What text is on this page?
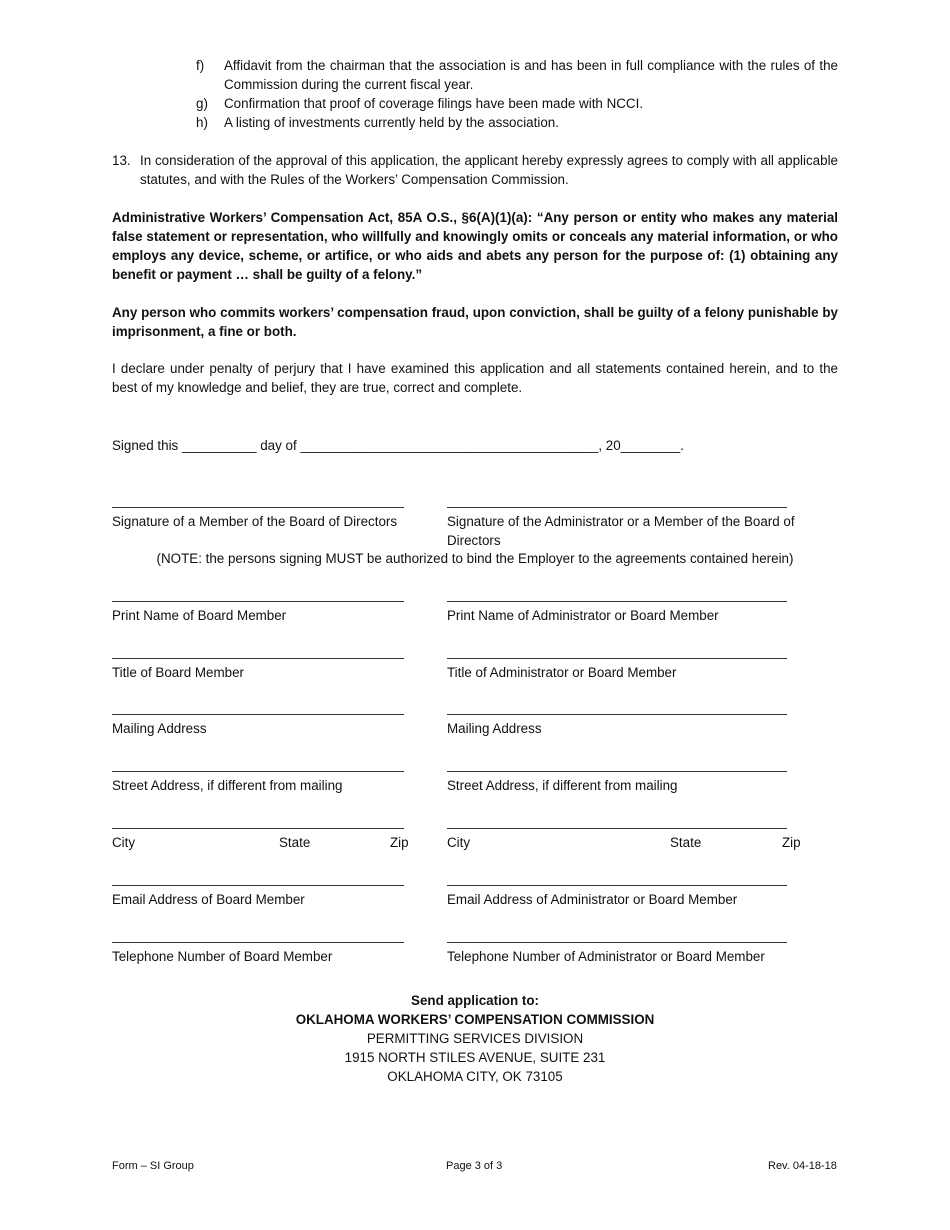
f) Affidavit from the chairman that the association is and has been in full compliance with the rules of the Commission during the current fiscal year.
g) Confirmation that proof of coverage filings have been made with NCCI.
h) A listing of investments currently held by the association.
13. In consideration of the approval of this application, the applicant hereby expressly agrees to comply with all applicable statutes, and with the Rules of the Workers’ Compensation Commission.
Administrative Workers’ Compensation Act, 85A O.S., §6(A)(1)(a): “Any person or entity who makes any material false statement or representation, who willfully and knowingly omits or conceals any material information, or who employs any device, scheme, or artifice, or who aids and abets any person for the purpose of: (1) obtaining any benefit or payment … shall be guilty of a felony.”
Any person who commits workers’ compensation fraud, upon conviction, shall be guilty of a felony punishable by imprisonment, a fine or both.
I declare under penalty of perjury that I have examined this application and all statements contained herein, and to the best of my knowledge and belief, they are true, correct and complete.
Signed this __________ day of ________________________________________, 20________.
Signature of a Member of the Board of Directors	Signature of the Administrator or a Member of the Board of Directors
(NOTE: the persons signing MUST be authorized to bind the Employer to the agreements contained herein)
Print Name of Board Member	Print Name of Administrator or Board Member
Title of Board Member	Title of Administrator or Board Member
Mailing Address	Mailing Address
Street Address, if different from mailing	Street Address, if different from mailing
City	State	Zip	City	State	Zip
Email Address of Board Member	Email Address of Administrator or Board Member
Telephone Number of Board Member	Telephone Number of Administrator or Board Member
Send application to:
OKLAHOMA WORKERS’ COMPENSATION COMMISSION
PERMITTING SERVICES DIVISION
1915 NORTH STILES AVENUE, SUITE 231
OKLAHOMA CITY, OK 73105
Form – SI Group	Page 3 of 3	Rev. 04-18-18
